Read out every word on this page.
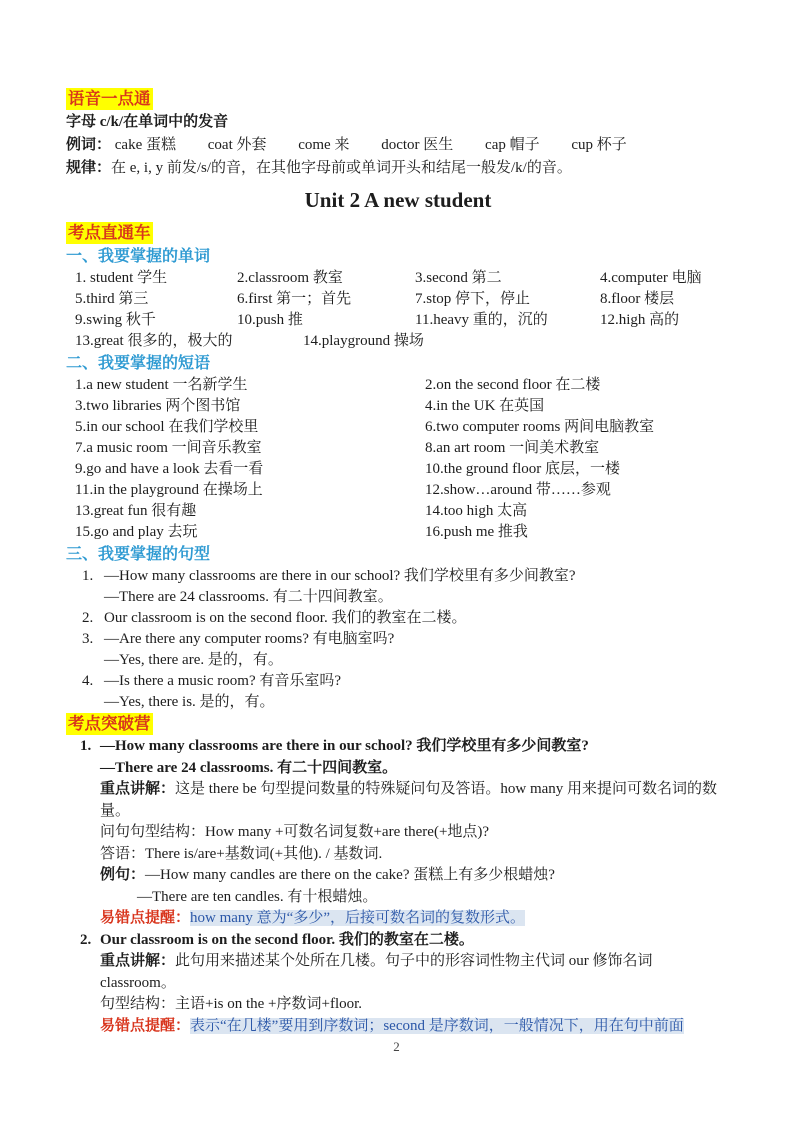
语音一点通
字母 c/k/在单词中的发音
例词： cake 蛋糕 coat 外套 come 来 doctor 医生 cap 帽子 cup 杯子
规律：在 e, i, y 前发/s/的音，在其他字母前或单词开头和结尾一般发/k/的音。
Unit 2 A new student
考点直通车
一、我要掌握的单词
1. student 学生	2.classroom 教室	3.second 第二	4.computer 电脑
5.third 第三	6.first 第一；首先	7.stop 停下，停止	8.floor 楼层
9.swing 秋千	10.push 推	11.heavy 重的，沉的	12.high 高的
13.great 很多的，极大的	14.playground 操场
二、我要掌握的短语
1.a new student 一名新学生	2.on the second floor 在二楼
3.two libraries 两个图书馆	4.in the UK 在英国
5.in our school 在我们学校里	6.two computer rooms 两间电脑教室
7.a music room 一间音乐教室	8.an art room 一间美术教室
9.go and have a look 去看一看	10.the ground floor 底层，一楼
11.in the playground 在操场上	12.show…around 带……参观
13.great fun 很有趣	14.too high 太高
15.go and play 去玩	16.push me 推我
三、我要掌握的句型
1. —How many classrooms are there in our school? 我们学校里有多少间教室?
—There are 24 classrooms. 有二十四间教室。
2. Our classroom is on the second floor. 我们的教室在二楼。
3. —Are there any computer rooms? 有电脑室吗?
—Yes, there are. 是的，有。
4. —Is there a music room? 有音乐室吗?
—Yes, there is. 是的，有。
考点突破营
1. —How many classrooms are there in our school? 我们学校里有多少间教室?
—There are 24 classrooms. 有二十四间教室。
重点讲解：这是 there be 句型提问数量的特殊疑问句及答语。how many 用来提问可数名词的数量。
问句句型结构：How many +可数名词复数+are there(+地点)?
答语：There is/are+基数词(+其他). / 基数词.
例句：—How many candles are there on the cake? 蛋糕上有多少根蜡烛?
—There are ten candles. 有十根蜡烛。
易错点提醒：how many 意为“多少”，后接可数名词的复数形式。
2. Our classroom is on the second floor. 我们的教室在二楼。
重点讲解：此句用来描述某个处所在几楼。句子中的形容词性物主代词 our 修饰名词 classroom。
句型结构：主语+is on the +序数词+floor.
易错点提醒：表示“在几楼”要用到序数词；second 是序数词，一般情况下，用在句中前面
2
